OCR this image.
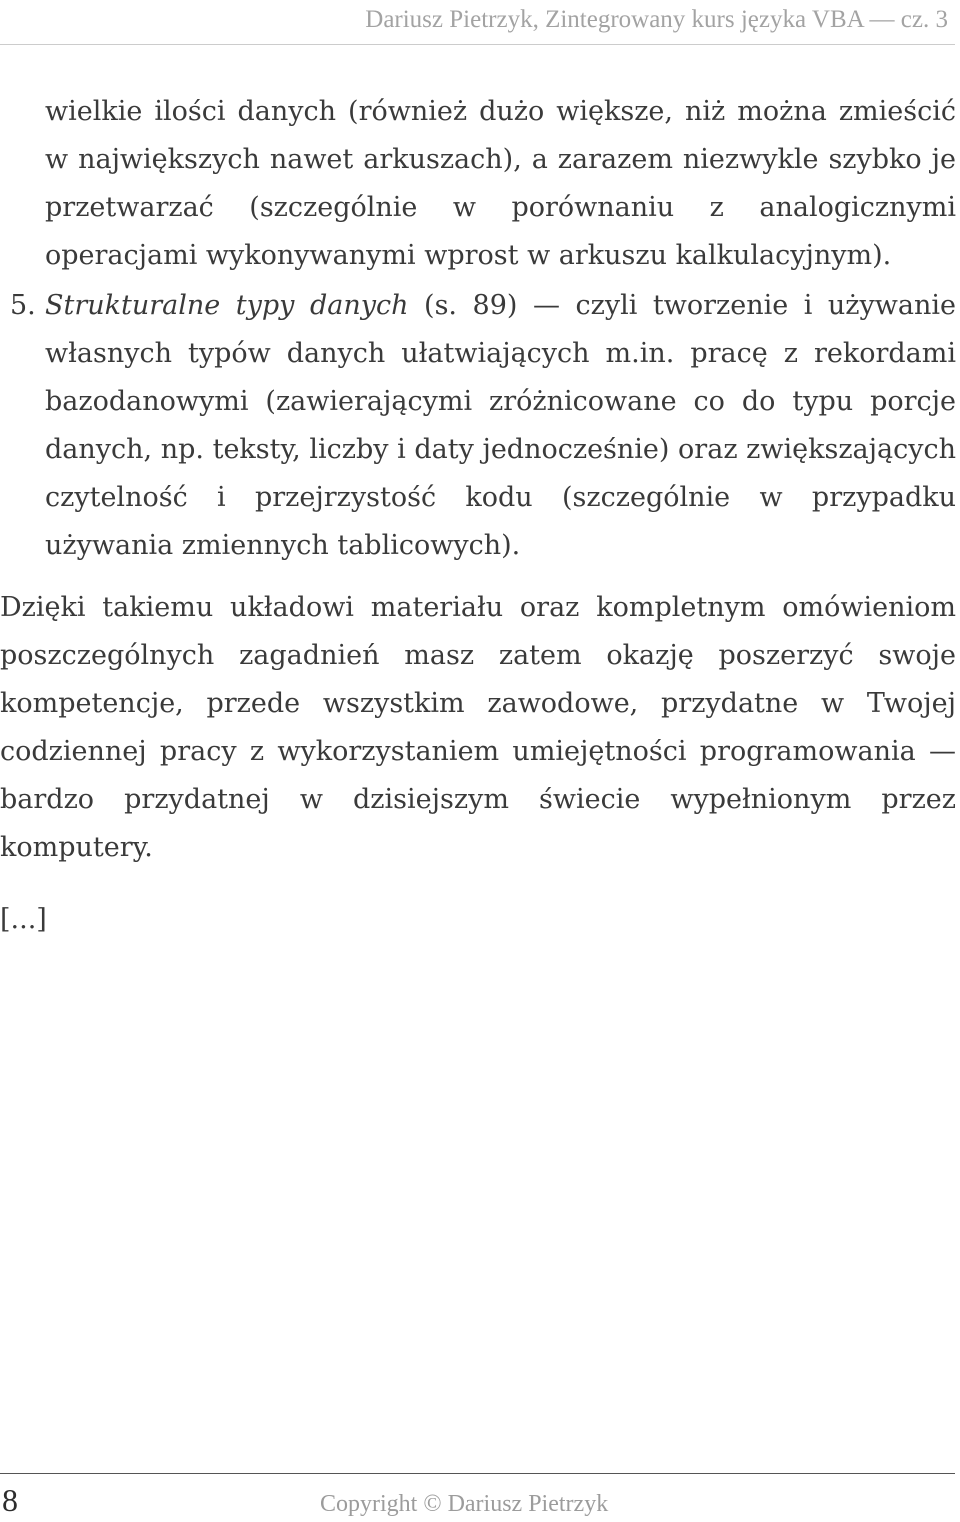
Dariusz Pietrzyk, Zintegrowany kurs języka VBA — cz. 3

wielkie ilości danych (również dużo większe, niż można zmieścić w największych nawet arkuszach), a zarazem niezwykle szybko je przetwarzać (szczególnie w porównaniu z analogicznymi operacjami wykonywanymi wprost w arkuszu kalkulacyjnym).

5. Strukturalne typy danych (s. 89) — czyli tworzenie i używanie własnych typów danych ułatwiających m.in. pracę z rekordami bazodanowymi (zawierającymi zróżnicowane co do typu porcje danych, np. teksty, liczby i daty jednocześnie) oraz zwiększających czytelność i przejrzystość kodu (szczególnie w przypadku używania zmiennych tablicowych).

Dzięki takiemu układowi materiału oraz kompletnym omówieniom poszczególnych zagadnień masz zatem okazję poszerzyć swoje kompetencje, przede wszystkim zawodowe, przydatne w Twojej codziennej pracy z wykorzystaniem umiejętności programowania — bardzo przydatnej w dzisiejszym świecie wypełnionym przez komputery.

[...]

8	Copyright © Dariusz Pietrzyk
